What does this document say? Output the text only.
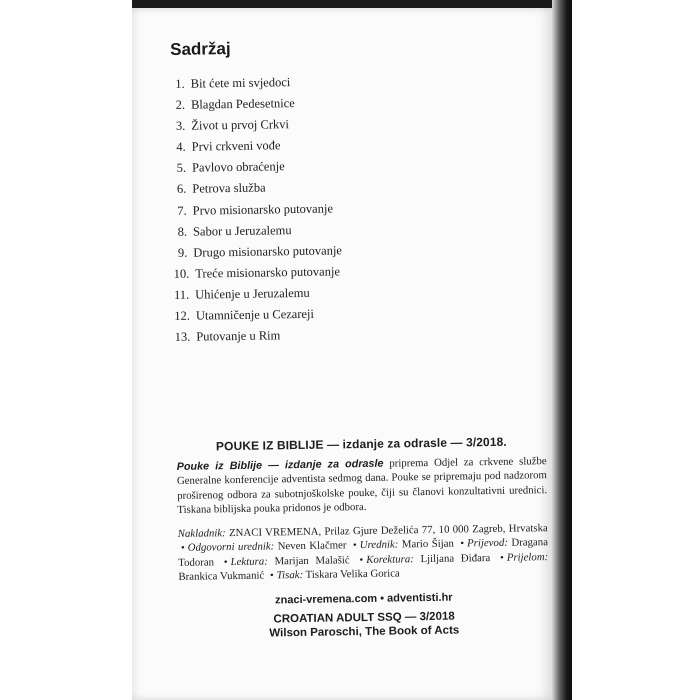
Sadržaj
1. Bit ćete mi svjedoci
2. Blagdan Pedesetnice
3. Život u prvoj Crkvi
4. Prvi crkveni vođe
5. Pavlovo obraćenje
6. Petrova služba
7. Prvo misionarsko putovanje
8. Sabor u Jeruzalemu
9. Drugo misionarsko putovanje
10. Treće misionarsko putovanje
11. Uhićenje u Jeruzalemu
12. Utamničenje u Cezareji
13. Putovanje u Rim

POUKE IZ BIBLIJE — izdanje za odrasle — 3/2018.

Pouke iz Biblije — izdanje za odrasle priprema Odjel za crkvene službe Generalne konferencije adventista sedmog dana. Pouke se pripremaju pod nadzorom proširenog odbora za subotnjoškolske pouke, čiji su članovi konzultativni urednici. Tiskana biblijska pouka pridonos je odbora.

Nakladnik: ZNACI VREMENA, Prilaz Gjure Deželića 77, 10 000 Zagreb, Hrvatska • Odgovorni urednik: Neven Klačmer • Urednik: Mario Šijan • Prijevod: Dragana Todoran • Lektura: Marijan Malašić • Korektura: Ljiljana Điđara • Prijelom: Brankica Vukmanić • Tisak: Tiskara Velika Gorica

znaci-vremena.com • adventisti.hr

CROATIAN ADULT SSQ — 3/2018

Wilson Paroschi, The Book of Acts
